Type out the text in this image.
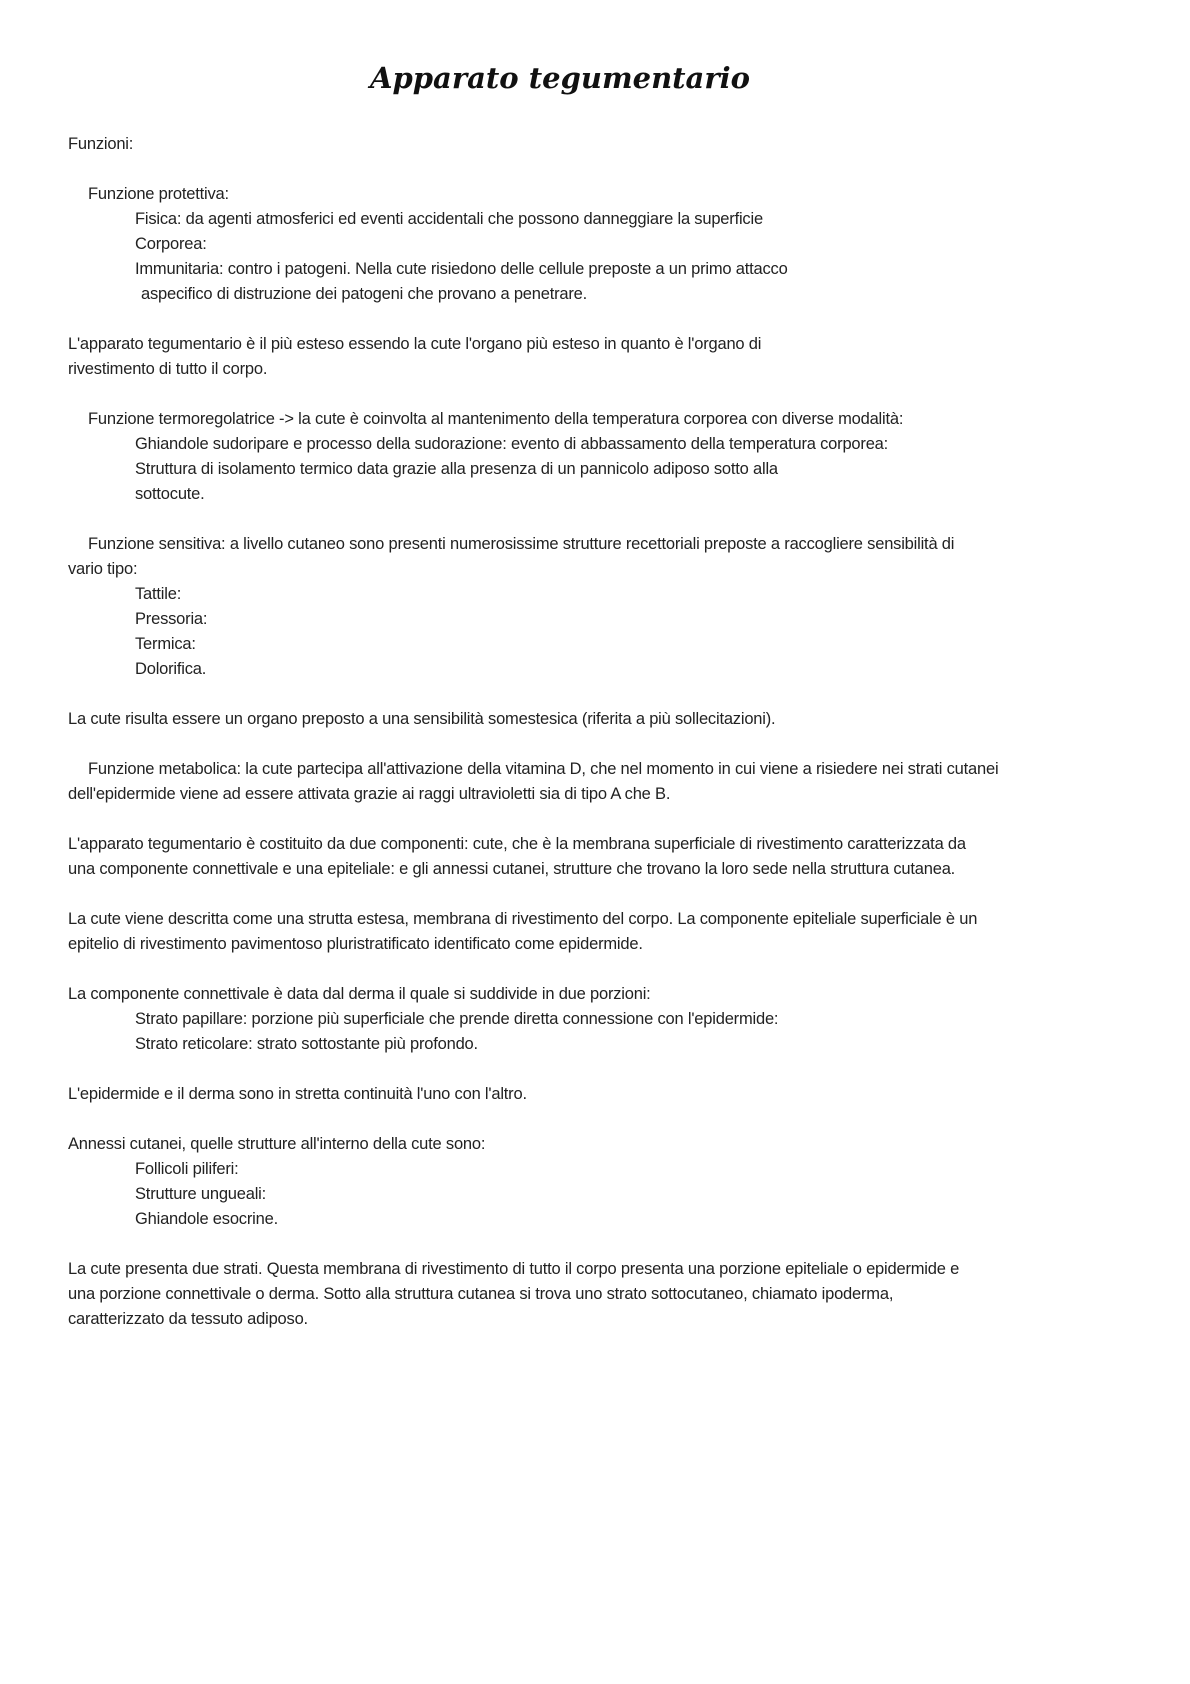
Apparato tegumentario
Funzioni:
Funzione protettiva:
Fisica: da agenti atmosferici ed eventi accidentali che possono danneggiare la superficie
Corporea:
Immunitaria: contro i patogeni. Nella cute risiedono delle cellule preposte a un primo attacco
aspecifico di distruzione dei patogeni che provano a penetrare.
L'apparato tegumentario è il più esteso essendo la cute l'organo più esteso in quanto è l'organo di
rivestimento di tutto il corpo.
Funzione termoregolatrice -> la cute è coinvolta al mantenimento della temperatura corporea con diverse modalità:
Ghiandole sudoripare e processo della sudorazione: evento di abbassamento della temperatura corporea:
Struttura di isolamento termico data grazie alla presenza di un pannicolo adiposo sotto alla
sottocute.
Funzione sensitiva: a livello cutaneo sono presenti numerosissime strutture recettoriali preposte a raccogliere sensibilità di
vario tipo:
Tattile:
Pressoria:
Termica:
Dolorifica.
La cute risulta essere un organo preposto a una sensibilità somestesica (riferita a più sollecitazioni).
Funzione metabolica: la cute partecipa all'attivazione della vitamina D, che nel momento in cui viene a risiedere nei strati cutanei
dell'epidermide viene ad essere attivata grazie ai raggi ultravioletti sia di tipo A che B.
L'apparato tegumentario è costituito da due componenti: cute, che è la membrana superficiale di rivestimento caratterizzata da
una componente connettivale e una epiteliale: e gli annessi cutanei, strutture che trovano la loro sede nella struttura cutanea.
La cute viene descritta come una strutta estesa, membrana di rivestimento del corpo. La componente epiteliale superficiale è un
epitelio di rivestimento pavimentoso pluristratificato identificato come epidermide.
La componente connettivale è data dal derma il quale si suddivide in due porzioni:
Strato papillare: porzione più superficiale che prende diretta connessione con l'epidermide:
Strato reticolare: strato sottostante più profondo.
L'epidermide e il derma sono in stretta continuità l'uno con l'altro.
Annessi cutanei, quelle strutture all'interno della cute sono:
Follicoli piliferi:
Strutture ungueali:
Ghiandole esocrine.
La cute presenta due strati. Questa membrana di rivestimento di tutto il corpo presenta una porzione epiteliale o epidermide e
una porzione connettivale o derma. Sotto alla struttura cutanea si trova uno strato sottocutaneo, chiamato ipoderma,
caratterizzato da tessuto adiposo.
